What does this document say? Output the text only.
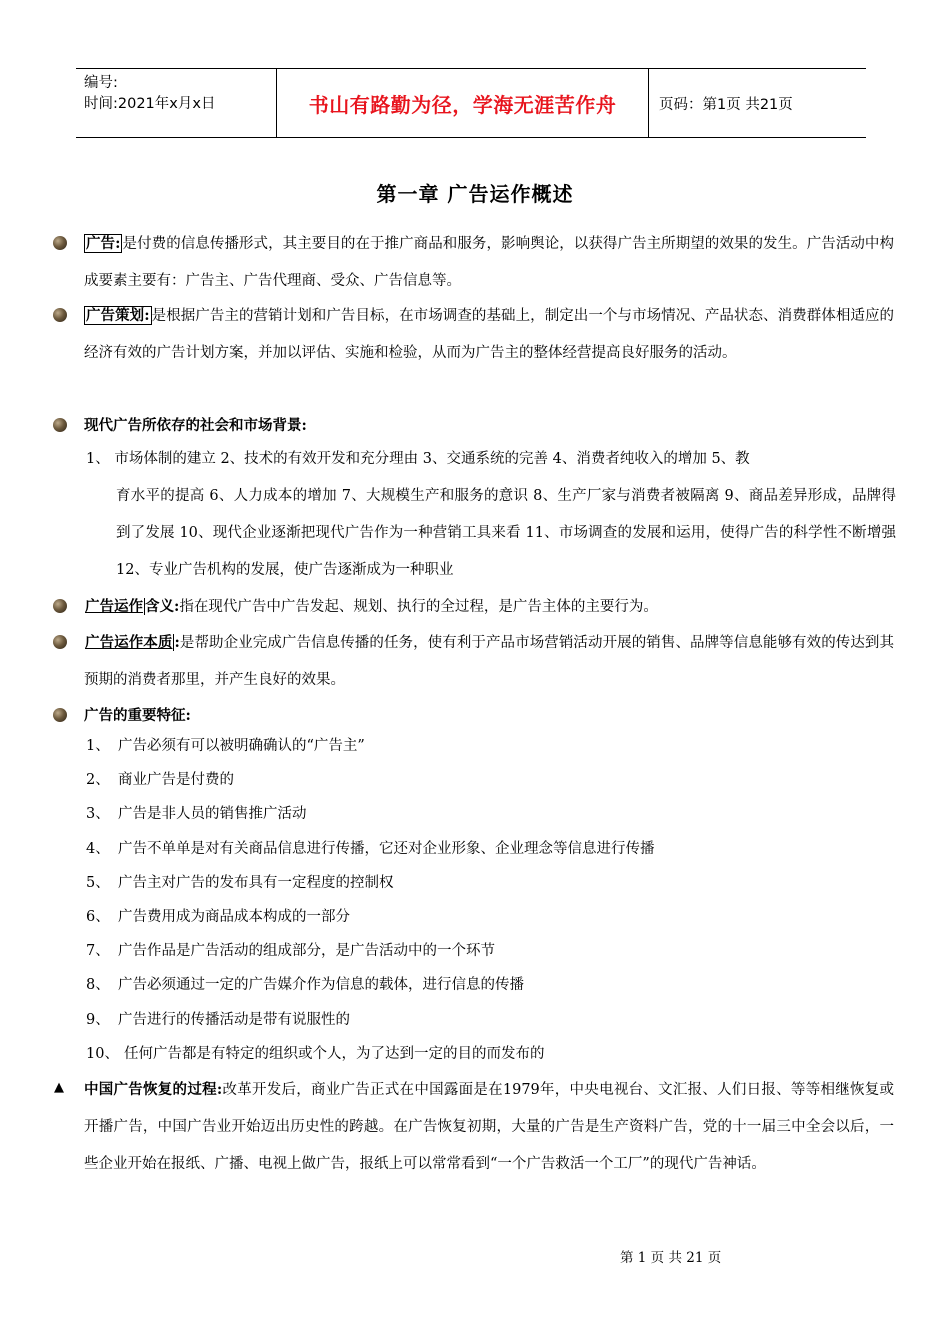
编号:
时间:2021年x月x日	书山有路勤为径，学海无涯苦作舟	页码：第1页 共21页
第一章 广告运作概述
广告: 是付费的信息传播形式，其主要目的在于推广商品和服务，影响舆论，以获得广告主所期望的效果的发生。广告活动中构成要素主要有：广告主、广告代理商、受众、广告信息等。
广告策划: 是根据广告主的营销计划和广告目标，在市场调查的基础上，制定出一个与市场情况、产品状态、消费群体相适应的经济有效的广告计划方案，并加以评估、实施和检验，从而为广告主的整体经营提高良好服务的活动。
现代广告所依存的社会和市场背景:
1、 市场体制的建立 2、技术的有效开发和充分理由 3、交通系统的完善 4、消费者纯收入的增加 5、教
育水平的提高 6、人力成本的增加 7、大规模生产和服务的意识 8、生产厂家与消费者被隔离 9、商品差异形成，品牌得到了发展 10、现代企业逐渐把现代广告作为一种营销工具来看 11、市场调查的发展和运用，使得广告的科学性不断增强 12、专业广告机构的发展，使广告逐渐成为一种职业
广告运作 含义:指在现代广告中广告发起、规划、执行的全过程，是广告主体的主要行为。
广告运作本质 :是帮助企业完成广告信息传播的任务，使有利于产品市场营销活动开展的销售、品牌等信息能够有效的传达到其预期的消费者那里，并产生良好的效果。
广告的重要特征:
1、 广告必须有可以被明确确认的“广告主”
2、 商业广告是付费的
3、 广告是非人员的销售推广活动
4、 广告不单单是对有关商品信息进行传播，它还对企业形象、企业理念等信息进行传播
5、 广告主对广告的发布具有一定程度的控制权
6、 广告费用成为商品成本构成的一部分
7、 广告作品是广告活动的组成部分，是广告活动中的一个环节
8、 广告必须通过一定的广告媒介作为信息的载体，进行信息的传播
9、 广告进行的传播活动是带有说服性的
10、 任何广告都是有特定的组织或个人，为了达到一定的目的而发布的
▲ 中国广告恢复的过程:改革开发后，商业广告正式在中国露面是在1979年，中央电视台、文汇报、人们日报、等等相继恢复或开播广告，中国广告业开始迈出历史性的跨越。在广告恢复初期，大量的广告是生产资料广告，党的十一届三中全会以后，一些企业开始在报纸、广播、电视上做广告，报纸上可以常常看到“一个广告救活一个工厂”的现代广告神话。
第 1 页 共 21 页
